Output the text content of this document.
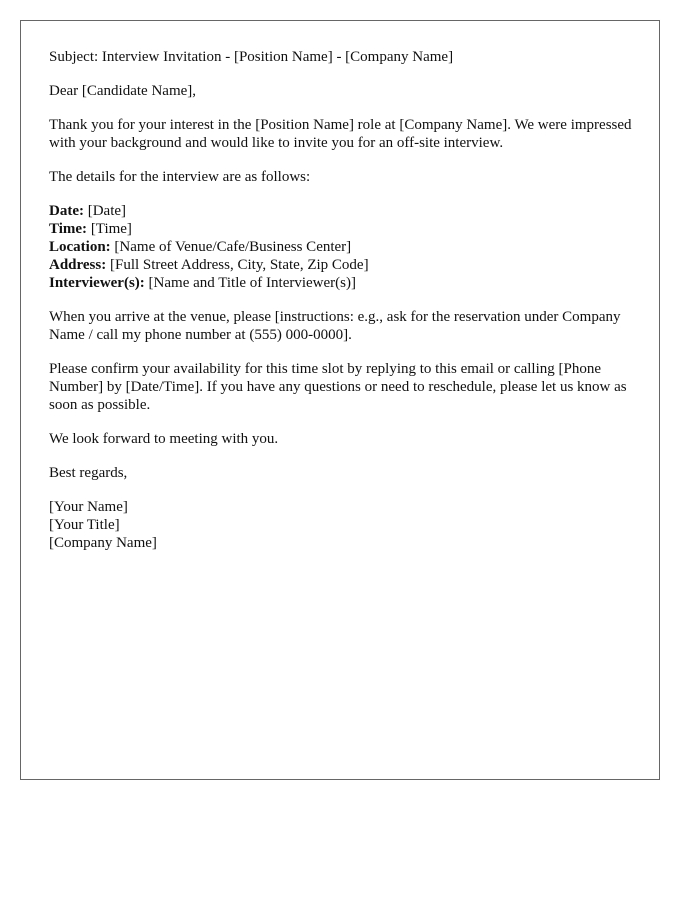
Subject: Interview Invitation - [Position Name] - [Company Name]

Dear [Candidate Name],

Thank you for your interest in the [Position Name] role at [Company Name]. We were impressed with your background and would like to invite you for an off-site interview.

The details for the interview are as follows:

Date: [Date]
Time: [Time]
Location: [Name of Venue/Cafe/Business Center]
Address: [Full Street Address, City, State, Zip Code]
Interviewer(s): [Name and Title of Interviewer(s)]

When you arrive at the venue, please [instructions: e.g., ask for the reservation under Company Name / call my phone number at (555) 000-0000].

Please confirm your availability for this time slot by replying to this email or calling [Phone Number] by [Date/Time]. If you have any questions or need to reschedule, please let us know as soon as possible.

We look forward to meeting with you.

Best regards,

[Your Name]
[Your Title]
[Company Name]
